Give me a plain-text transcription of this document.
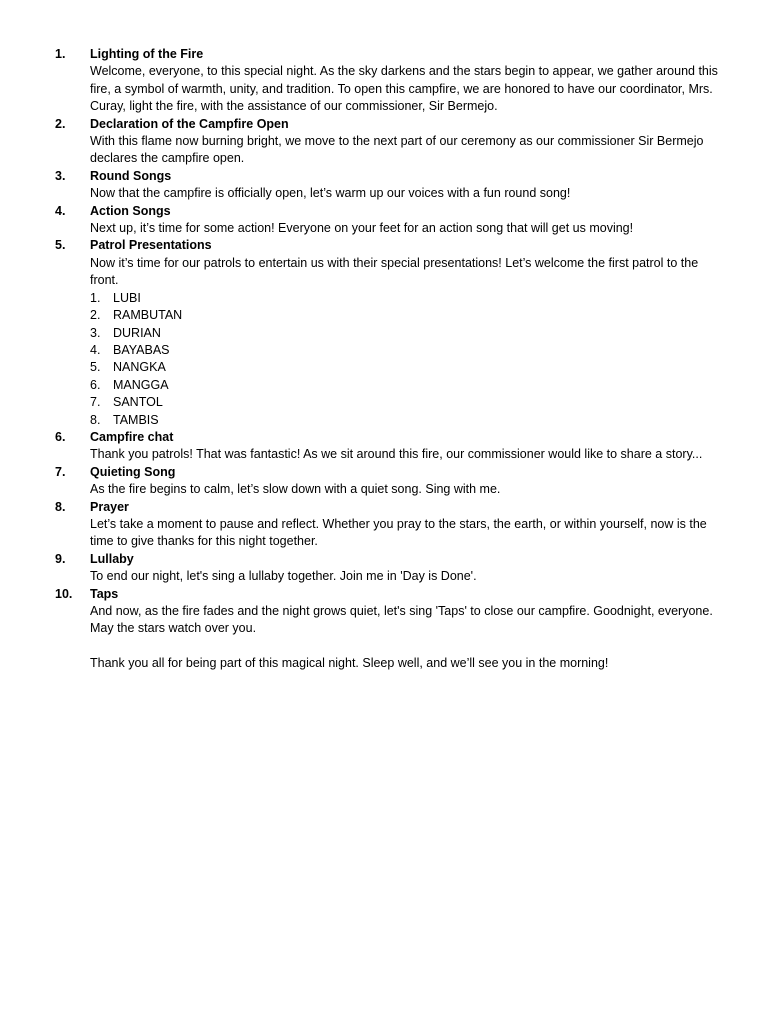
1.	Lighting of the Fire
Welcome, everyone, to this special night. As the sky darkens and the stars begin to appear, we gather around this fire, a symbol of warmth, unity, and tradition. To open this campfire, we are honored to have our coordinator, Mrs. Curay, light the fire, with the assistance of our commissioner, Sir Bermejo.
2.	Declaration of the Campfire Open
With this flame now burning bright, we move to the next part of our ceremony as our commissioner Sir Bermejo declares the campfire open.
3.	Round Songs
Now that the campfire is officially open, let’s warm up our voices with a fun round song!
4.	Action Songs
Next up, it’s time for some action! Everyone on your feet for an action song that will get us moving!
5.	Patrol Presentations
Now it’s time for our patrols to entertain us with their special presentations! Let’s welcome the first patrol to the front.
1. LUBI
2. RAMBUTAN
3. DURIAN
4. BAYABAS
5. NANGKA
6. MANGGA
7. SANTOL
8. TAMBIS
6.	Campfire chat
Thank you patrols! That was fantastic! As we sit around this fire, our commissioner would like to share a story...
7.	Quieting Song
As the fire begins to calm, let’s slow down with a quiet song. Sing with me.
8.	Prayer
Let’s take a moment to pause and reflect. Whether you pray to the stars, the earth, or within yourself, now is the time to give thanks for this night together.
9.	Lullaby
To end our night, let's sing a lullaby together. Join me in 'Day is Done'.
10.	Taps
And now, as the fire fades and the night grows quiet, let's sing 'Taps' to close our campfire. Goodnight, everyone. May the stars watch over you.

Thank you all for being part of this magical night. Sleep well, and we’ll see you in the morning!
